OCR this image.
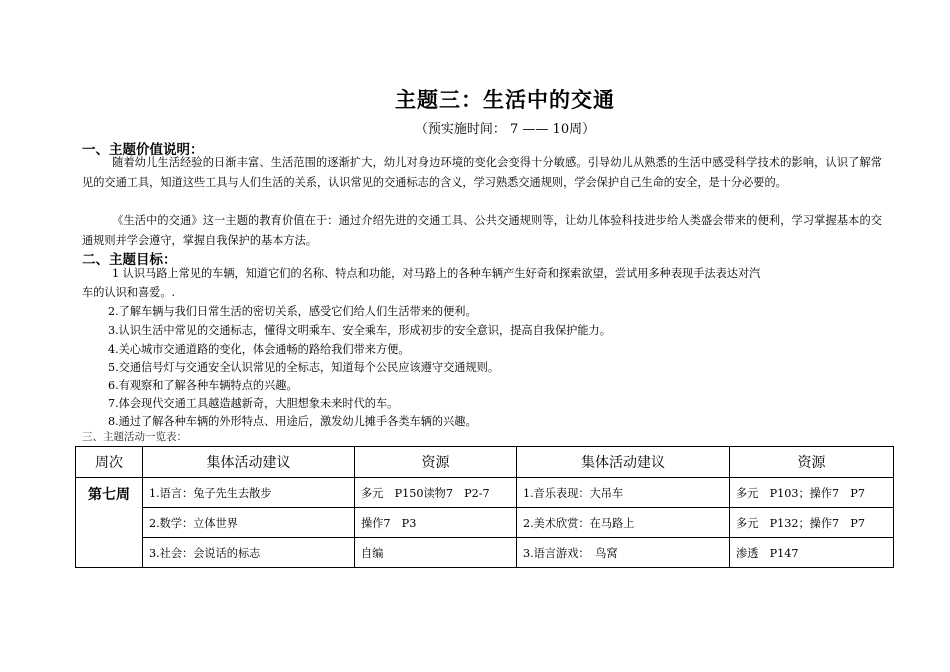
主题三：生活中的交通
（预实施时间： 7 —— 10周）
一、主题价值说明：
随着幼儿生活经验的日渐丰富、生活范围的逐渐扩大，幼儿对身边环境的变化会变得十分敏感。引导幼儿从熟悉的生活中感受科学技术的影响，认识了解常见的交通工具，知道这些工具与人们生活的关系，认识常见的交通标志的含义，学习熟悉交通规则，学会保护自己生命的安全，是十分必要的。
《生活中的交通》这一主题的教育价值在于：通过介绍先进的交通工具、公共交通规则等，让幼儿体验科技进步给人类盛会带来的便利，学习掌握基本的交通规则并学会遵守，掌握自我保护的基本方法。
二、主题目标：
1 认识马路上常见的车辆，知道它们的名称、特点和功能，对马路上的各种车辆产生好奇和探索欲望，尝试用多种表现手法表达对汽
车的认识和喜爱。.
2.了解车辆与我们日常生活的密切关系，感受它们给人们生活带来的便利。
3.认识生活中常见的交通标志，懂得文明乘车、安全乘车，形成初步的安全意识，提高自我保护能力。
4.关心城市交通道路的变化，体会通畅的路给我们带来方便。
5.交通信号灯与交通安全认识常见的全标志，知道每个公民应该遵守交通规则。
6.有观察和了解各种车辆特点的兴趣。
7.体会现代交通工具越造越新奇，大胆想象未来时代的车。
8.通过了解各种车辆的外形特点、用途后，激发幼儿摊手各类车辆的兴趣。
三、主题活动一览表：
周次	集体活动建议	资源	集体活动建议	资源
第七周	1.语言：兔子先生去散步	多元　P150读物7　P2-7	1.音乐表现：大吊车	多元　P103；操作7　P7
	2.数学：立体世界	操作7　P3	2.美术欣赏：在马路上	多元　P132；操作7　P7
	3.社会：会说话的标志	自编	3.语言游戏：　鸟窝	渗透　P147
